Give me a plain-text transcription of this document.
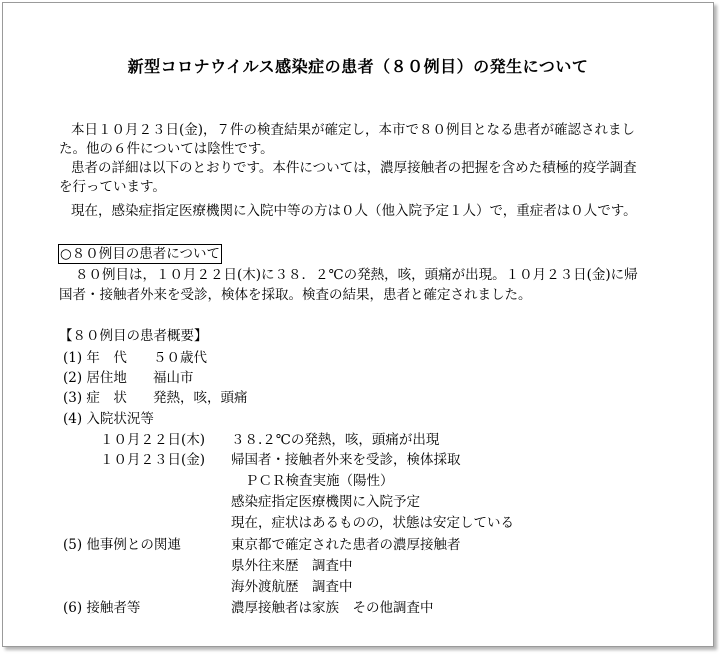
新型コロナウイルス感染症の患者（８０例目）の発生について
本日１０月２３日(金)，７件の検査結果が確定し，本市で８０例目となる患者が確認されまし
た。他の６件については陰性です。
患者の詳細は以下のとおりです。本件については，濃厚接触者の把握を含めた積極的疫学調査
を行っています。
現在，感染症指定医療機関に入院中等の方は０人（他入院予定１人）で，重症者は０人です。
○８０例目の患者について
８０例目は，１０月２２日(木)に３８．２℃の発熱，咳，頭痛が出現。１０月２３日(金)に帰
国者・接触者外来を受診，検体を採取。検査の結果，患者と確定されました。
【８０例目の患者概要】
(1) 年　代 ５０歳代
(2) 居住地 福山市
(3) 症　状 発熱，咳，頭痛
(4) 入院状況等
１０月２２日(木) ３８.２℃の発熱，咳，頭痛が出現
１０月２３日(金) 帰国者・接触者外来を受診，検体採取
ＰＣＲ検査実施（陽性）
感染症指定医療機関に入院予定
現在，症状はあるものの，状態は安定している
(5) 他事例との関連	東京都で確定された患者の濃厚接触者
県外往来歴　調査中
海外渡航歴　調査中
(6) 接触者等	濃厚接触者は家族　その他調査中
